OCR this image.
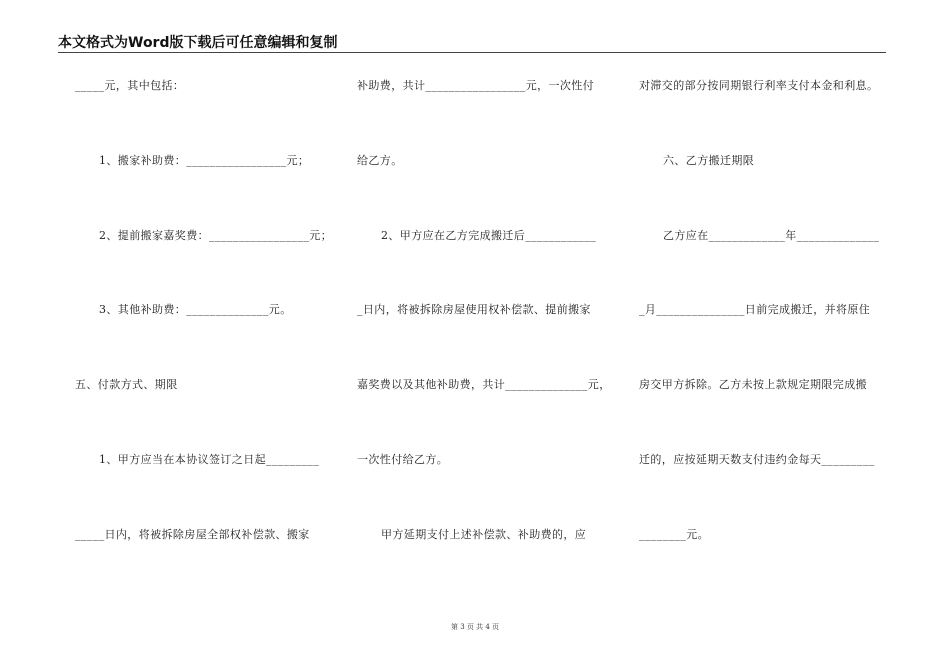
本文格式为Word版下载后可任意编辑和复制
_____元，其中包括：
1、搬家补助费：_________________元；
2、提前搬家嘉奖费：_________________元；
3、其他补助费：______________元。
五、付款方式、期限
1、甲方应当在本协议签订之日起_________
_____日内，将被拆除房屋全部权补偿款、搬家
补助费，共计_________________元，一次性付
给乙方。
2、甲方应在乙方完成搬迁后____________
_日内，将被拆除房屋使用权补偿款、提前搬家
嘉奖费以及其他补助费，共计______________元，
一次性付给乙方。
甲方延期支付上述补偿款、补助费的，应
对滞交的部分按同期银行利率支付本金和利息。
六、乙方搬迁期限
乙方应在_____________年______________
_月_______________日前完成搬迁，并将原住
房交甲方拆除。乙方未按上款规定期限完成搬
迁的，应按延期天数支付违约金每天_________
________元。
第 3 页 共 4 页
